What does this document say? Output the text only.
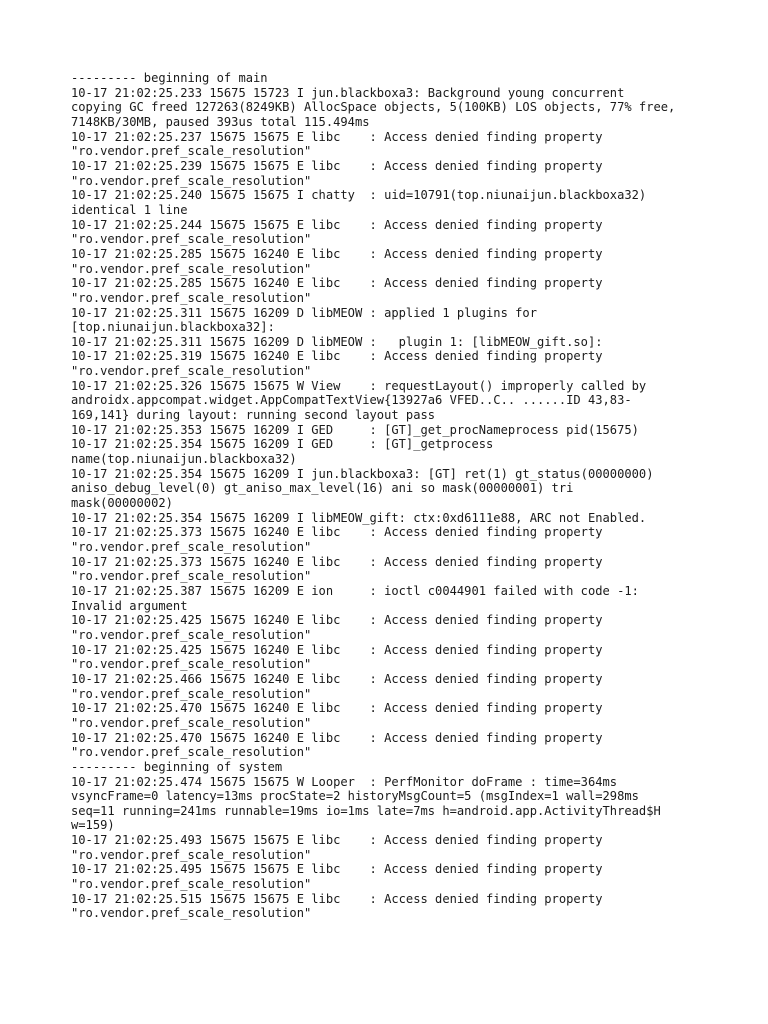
--------- beginning of main
10-17 21:02:25.233 15675 15723 I jun.blackboxa3: Background young concurrent
copying GC freed 127263(8249KB) AllocSpace objects, 5(100KB) LOS objects, 77% free,
7148KB/30MB, paused 393us total 115.494ms
10-17 21:02:25.237 15675 15675 E libc    : Access denied finding property
"ro.vendor.pref_scale_resolution"
10-17 21:02:25.239 15675 15675 E libc    : Access denied finding property
"ro.vendor.pref_scale_resolution"
10-17 21:02:25.240 15675 15675 I chatty  : uid=10791(top.niunaijun.blackboxa32)
identical 1 line
10-17 21:02:25.244 15675 15675 E libc    : Access denied finding property
"ro.vendor.pref_scale_resolution"
10-17 21:02:25.285 15675 16240 E libc    : Access denied finding property
"ro.vendor.pref_scale_resolution"
10-17 21:02:25.285 15675 16240 E libc    : Access denied finding property
"ro.vendor.pref_scale_resolution"
10-17 21:02:25.311 15675 16209 D libMEOW : applied 1 plugins for
[top.niunaijun.blackboxa32]:
10-17 21:02:25.311 15675 16209 D libMEOW :   plugin 1: [libMEOW_gift.so]:
10-17 21:02:25.319 15675 16240 E libc    : Access denied finding property
"ro.vendor.pref_scale_resolution"
10-17 21:02:25.326 15675 15675 W View    : requestLayout() improperly called by
androidx.appcompat.widget.AppCompatTextView{13927a6 VFED..C.. ......ID 43,83-
169,141} during layout: running second layout pass
10-17 21:02:25.353 15675 16209 I GED     : [GT]_get_procNameprocess pid(15675)
10-17 21:02:25.354 15675 16209 I GED     : [GT]_getprocess
name(top.niunaijun.blackboxa32)
10-17 21:02:25.354 15675 16209 I jun.blackboxa3: [GT] ret(1) gt_status(00000000)
aniso_debug_level(0) gt_aniso_max_level(16) ani so mask(00000001) tri
mask(00000002)
10-17 21:02:25.354 15675 16209 I libMEOW_gift: ctx:0xd6111e88, ARC not Enabled.
10-17 21:02:25.373 15675 16240 E libc    : Access denied finding property
"ro.vendor.pref_scale_resolution"
10-17 21:02:25.373 15675 16240 E libc    : Access denied finding property
"ro.vendor.pref_scale_resolution"
10-17 21:02:25.387 15675 16209 E ion     : ioctl c0044901 failed with code -1:
Invalid argument
10-17 21:02:25.425 15675 16240 E libc    : Access denied finding property
"ro.vendor.pref_scale_resolution"
10-17 21:02:25.425 15675 16240 E libc    : Access denied finding property
"ro.vendor.pref_scale_resolution"
10-17 21:02:25.466 15675 16240 E libc    : Access denied finding property
"ro.vendor.pref_scale_resolution"
10-17 21:02:25.470 15675 16240 E libc    : Access denied finding property
"ro.vendor.pref_scale_resolution"
10-17 21:02:25.470 15675 16240 E libc    : Access denied finding property
"ro.vendor.pref_scale_resolution"
--------- beginning of system
10-17 21:02:25.474 15675 15675 W Looper  : PerfMonitor doFrame : time=364ms
vsyncFrame=0 latency=13ms procState=2 historyMsgCount=5 (msgIndex=1 wall=298ms
seq=11 running=241ms runnable=19ms io=1ms late=7ms h=android.app.ActivityThread$H
w=159)
10-17 21:02:25.493 15675 15675 E libc    : Access denied finding property
"ro.vendor.pref_scale_resolution"
10-17 21:02:25.495 15675 15675 E libc    : Access denied finding property
"ro.vendor.pref_scale_resolution"
10-17 21:02:25.515 15675 15675 E libc    : Access denied finding property
"ro.vendor.pref_scale_resolution"
